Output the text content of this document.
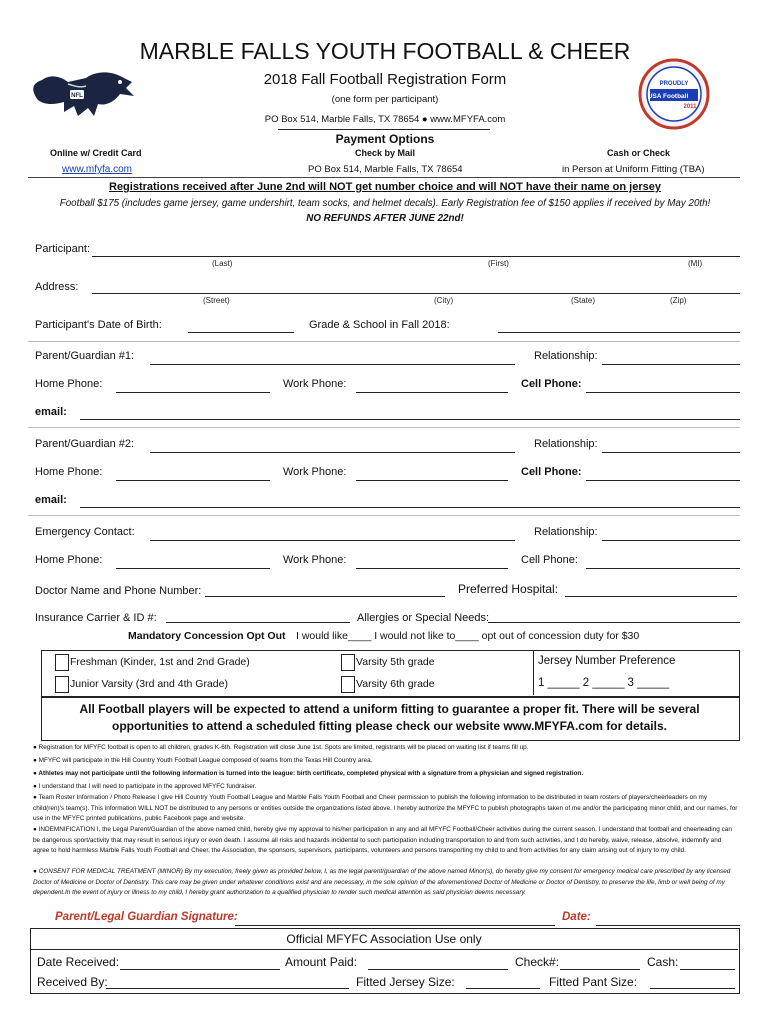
NFL
PROUDLY
USA Football
2011
MARBLE FALLS YOUTH FOOTBALL & CHEER
2018 Fall Football Registration Form
(one form per participant)
PO Box 514, Marble Falls, TX 78654 ● www.MFYFA.com
Payment Options
Online w/ Credit Card	Check by Mail	Cash or Check
www.mfyfa.com	PO Box 514, Marble Falls, TX 78654	in Person at Uniform Fitting (TBA)
Registrations received after June 2nd will NOT get number choice and will NOT have their name on jersey
Football $175 (includes game jersey, game undershirt, team socks, and helmet decals). Early Registration fee of $150 applies if received by May 20th!
NO REFUNDS AFTER JUNE 22nd!
Participant:
(Last)	(First)	(MI)
Address:
(Street)	(City)	(State)	(Zip)
Participant's Date of Birth:	Grade & School in Fall 2018:
Parent/Guardian #1:	Relationship:
Home Phone:	Work Phone:	Cell Phone:
email:
Parent/Guardian #2:	Relationship:
Home Phone:	Work Phone:	Cell Phone:
email:
Emergency Contact:	Relationship:
Home Phone:	Work Phone:	Cell Phone:
Doctor Name and Phone Number:	Preferred Hospital:
Insurance Carrier & ID #:	Allergies or Special Needs:
Mandatory Concession Opt Out I would like____ I would not like to____ opt out of concession duty for $30
Freshman (Kinder, 1st and 2nd Grade)	Varsity 5th grade	Jersey Number Preference
Junior Varsity (3rd and 4th Grade)	Varsity 6th grade	1 _____ 2 _____ 3 _____
All Football players will be expected to attend a uniform fitting to guarantee a proper fit. There will be several opportunities to attend a scheduled fitting please check our website www.MFYFA.com for details.
● Registration for MFYFC football is open to all children, grades K-6th. Registration will close June 1st. Spots are limited, registrants will be placed on waiting list if teams fill up.
● MFYFC will participate in the Hill Country Youth Football League composed of teams from the Texas Hill Country area.
● Athletes may not participate until the following information is turned into the league: birth certificate, completed physical with a signature from a physician and signed registration.
● I understand that I will need to participate in the approved MFYFC fundraiser.
● Team Roster Information / Photo Release I give Hill Country Youth Football League and Marble Falls Youth Football and Cheer permission to publish the following information to be distributed in team rosters of players/cheerleaders on my child(ren)'s team(s). This information WILL NOT be distributed to any persons or entities outside the organizations listed above. I hereby authorize the MFYFC to publish photographs taken of me and/or the participating minor child, and our names, for use in the MFYFC printed publications, public Facebook page and website.
● INDEMNIFICATION I, the Legal Parent/Guardian of the above named child, hereby give my approval to his/her participation in any and all MFYFC Football/Cheer activities during the current season. I understand that football and cheerleading can be dangerous sport/activity that may result in serious injury or even death. I assume all risks and hazards incidental to such participation including transportation to and from such activities, and I do hereby, waive, release, absolve, indemnify and agree to hold harmless Marble Falls Youth Football and Cheer, the Association, the sponsors, supervisors, participants, volunteers and persons transporting my child to and from activities for any claim arising out of injury to my child.
● CONSENT FOR MEDICAL TREATMENT (MINOR) By my execution, freely given as provided below, I, as the legal parent/guardian of the above named Minor(s), do hereby give my consent for emergency medical care prescribed by any licensed Doctor of Medicine or Doctor of Dentistry. This care may be given under whatever conditions exist and are necessary, in the sole opinion of the aforementioned Doctor of Medicine or Doctor of Dentistry, to preserve the life, limb or well being of my dependent.In the event of injury or illness to my child, I hereby grant authorization to a qualified physician to render such medical attention as said physician deems necessary.
Parent/Legal Guardian Signature:	Date:
Official MFYFC Association Use only
Date Received:	Amount Paid:	Check#:	Cash:
Received By:	Fitted Jersey Size:	Fitted Pant Size:
